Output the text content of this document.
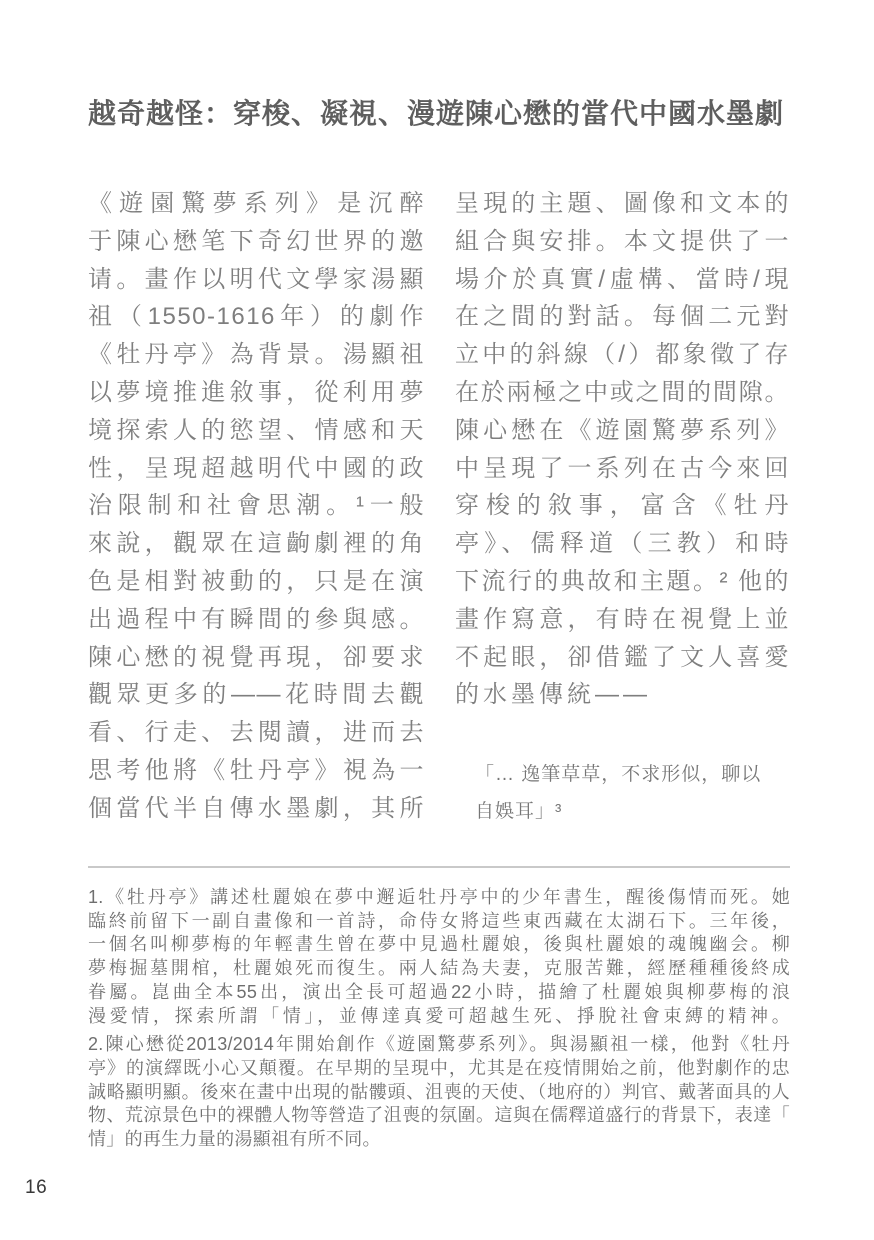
越奇越怪：穿梭、凝視、漫遊陳心懋的當代中國水墨劇
《遊園驚夢系列》是沉醉
于陳心懋笔下奇幻世界的邀
请。畫作以明代文學家湯顯
祖（1550-1616年）的劇作
《牡丹亭》為背景。湯顯祖
以夢境推進敘事，從利用夢
境探索人的慾望、情感和天
性，呈現超越明代中國的政
治限制和社會思潮。¹一般
來說，觀眾在這齣劇裡的角
色是相對被動的，只是在演
出過程中有瞬間的參與感。
陳心懋的視覺再現，卻要求
觀眾更多的——花時間去觀
看、行走、去閱讀，进而去
思考他將《牡丹亭》視為一
個當代半自傳水墨劇，其所
呈現的主題、圖像和文本的
組合與安排。本文提供了一
場介於真實/虛構、當時/現
在之間的對話。每個二元對
立中的斜線（/）都象徵了存
在於兩極之中或之間的間隙。
陳心懋在《遊園驚夢系列》
中呈現了一系列在古今來回
穿梭的敘事，富含《牡丹
亭》、儒释道（三教）和時
下流行的典故和主題。² 他的
畫作寫意，有時在視覺上並
不起眼，卻借鑑了文人喜愛
的水墨傳統——
「… 逸筆草草，不求形似，聊以
自娛耳」³
1.《牡丹亭》講述杜麗娘在夢中邂逅牡丹亭中的少年書生，醒後傷情而死。她
臨終前留下一副自畫像和一首詩，命侍女將這些東西藏在太湖石下。三年後，
一個名叫柳夢梅的年輕書生曾在夢中見過杜麗娘，後與杜麗娘的魂魄幽会。柳
夢梅掘墓開棺，杜麗娘死而復生。兩人結為夫妻，克服苦難，經歷種種後終成
眷屬。崑曲全本55出，演出全長可超過22小時，描繪了杜麗娘與柳夢梅的浪
漫愛情，探索所謂「情」，並傳達真愛可超越生死、掙脫社會束縛的精神。
2.陳心懋從2013/2014年開始創作《遊園驚夢系列》。與湯顯祖一樣，他對《牡丹
亭》的演繹既小心又顛覆。在早期的呈現中，尤其是在疫情開始之前，他對劇作的忠
誠略顯明顯。後來在畫中出現的骷髏頭、沮喪的天使、（地府的）判官、戴著面具的人
物、荒涼景色中的裸體人物等營造了沮喪的氛圍。這與在儒釋道盛行的背景下，表達「
情」的再生力量的湯顯祖有所不同。
16
